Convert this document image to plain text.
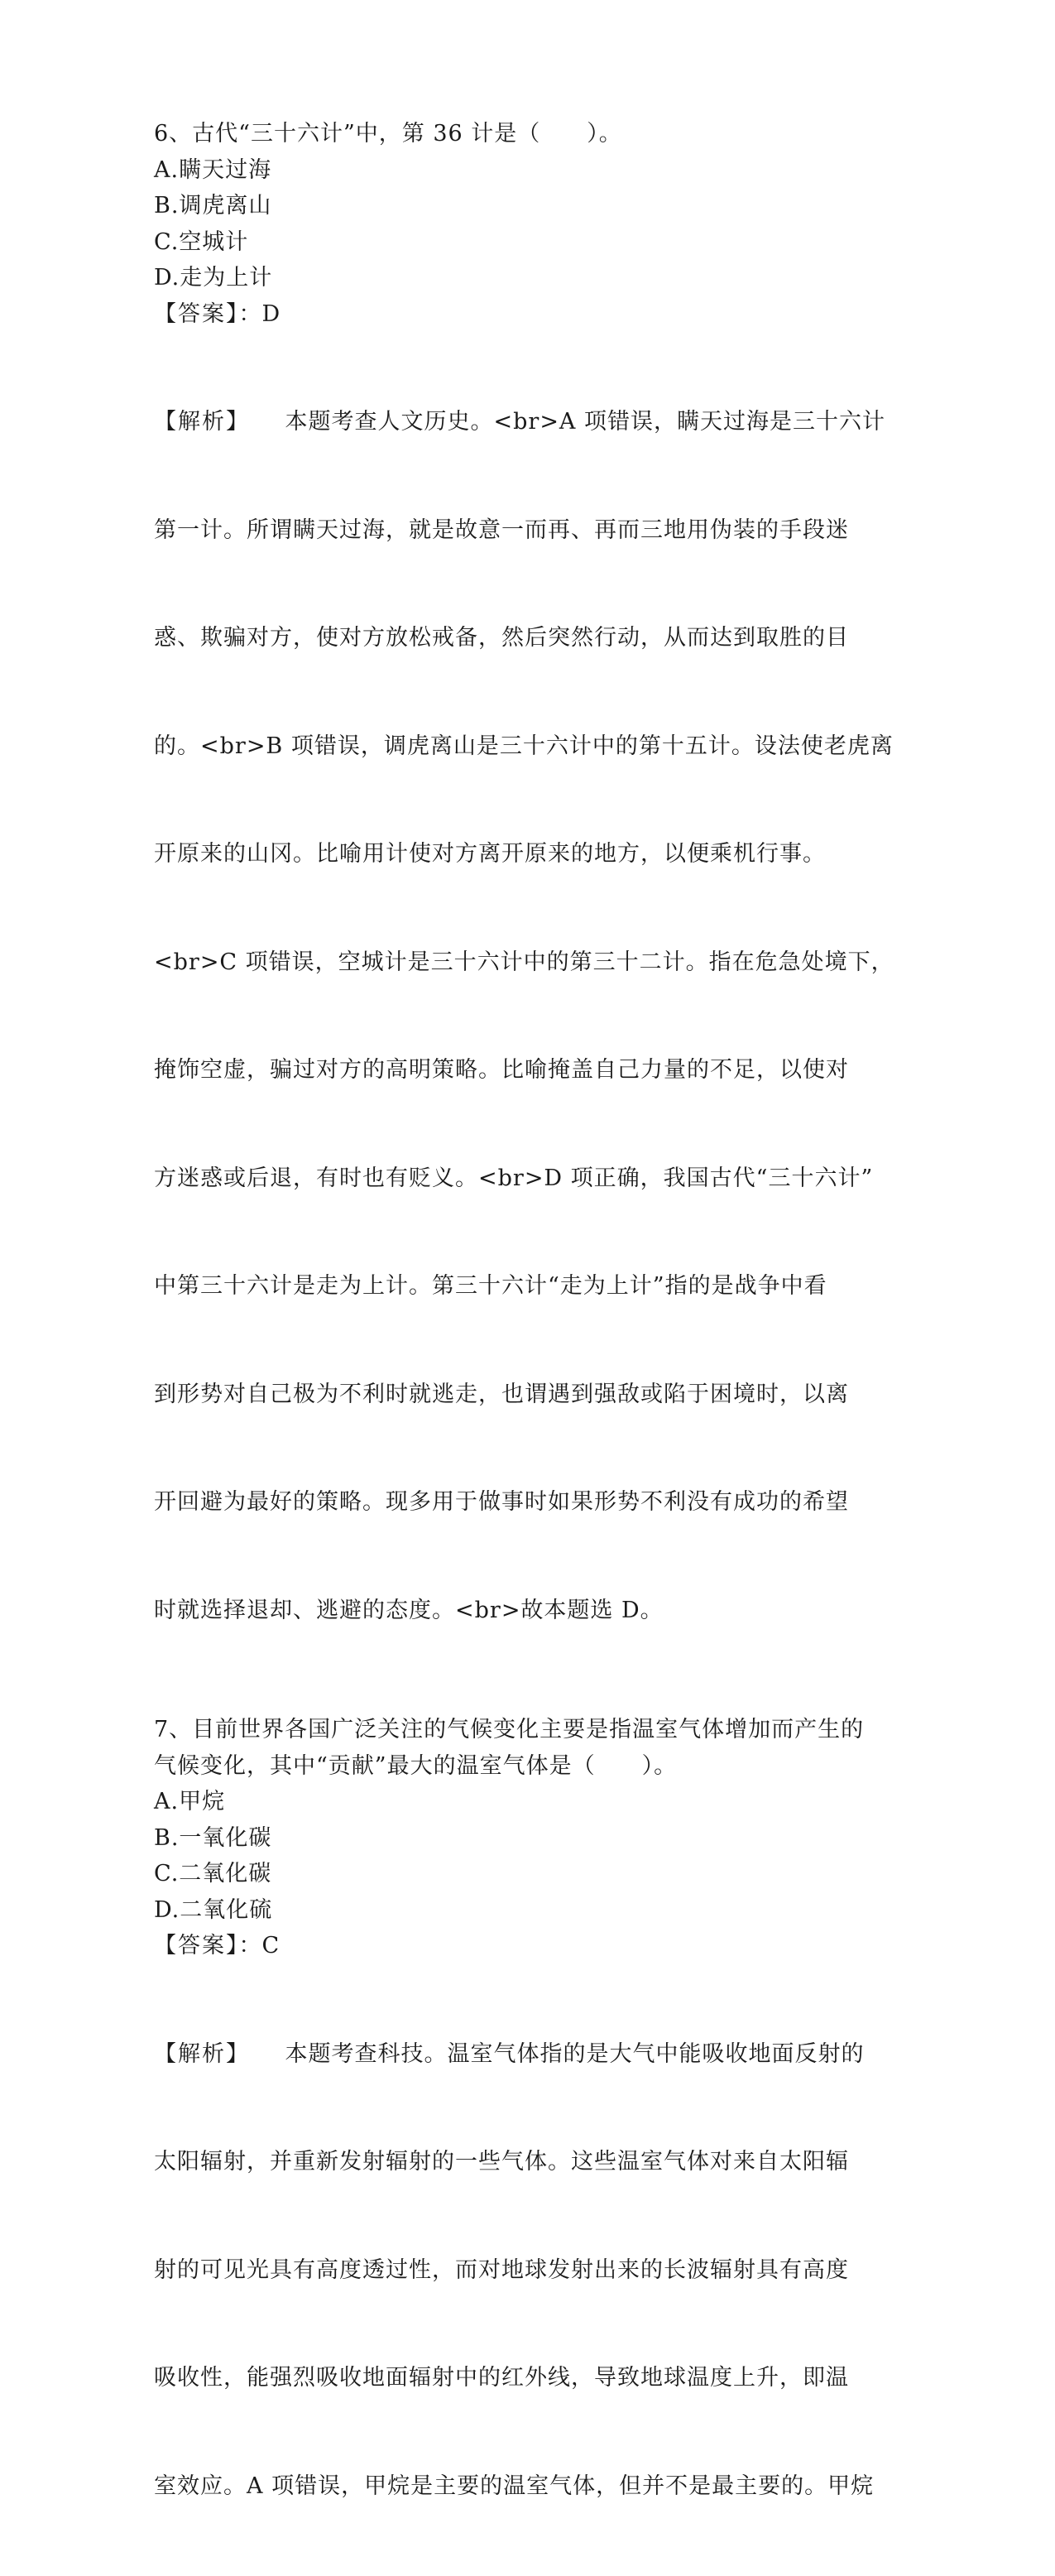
6、古代“三十六计”中，第 36 计是（　　）。
A.瞒天过海
B.调虎离山
C.空城计
D.走为上计
【答案】：D

【解析】　　本题考查人文历史。<br>A 项错误，瞒天过海是三十六计

第一计。所谓瞒天过海，就是故意一而再、再而三地用伪装的手段迷

惑、欺骗对方，使对方放松戒备，然后突然行动，从而达到取胜的目

的。<br>B 项错误，调虎离山是三十六计中的第十五计。设法使老虎离

开原来的山冈。比喻用计使对方离开原来的地方，以便乘机行事。

<br>C 项错误，空城计是三十六计中的第三十二计。指在危急处境下，

掩饰空虚，骗过对方的高明策略。比喻掩盖自己力量的不足，以使对

方迷惑或后退，有时也有贬义。<br>D 项正确，我国古代“三十六计”

中第三十六计是走为上计。第三十六计“走为上计”指的是战争中看

到形势对自己极为不利时就逃走，也谓遇到强敌或陷于困境时，以离

开回避为最好的策略。现多用于做事时如果形势不利没有成功的希望

时就选择退却、逃避的态度。<br>故本题选 D。

7、目前世界各国广泛关注的气候变化主要是指温室气体增加而产生的
气候变化，其中“贡献”最大的温室气体是（　　）。
A.甲烷
B.一氧化碳
C.二氧化碳
D.二氧化硫
【答案】：C

【解析】　　本题考查科技。温室气体指的是大气中能吸收地面反射的

太阳辐射，并重新发射辐射的一些气体。这些温室气体对来自太阳辐

射的可见光具有高度透过性，而对地球发射出来的长波辐射具有高度

吸收性，能强烈吸收地面辐射中的红外线，导致地球温度上升，即温

室效应。A 项错误，甲烷是主要的温室气体，但并不是最主要的。甲烷
